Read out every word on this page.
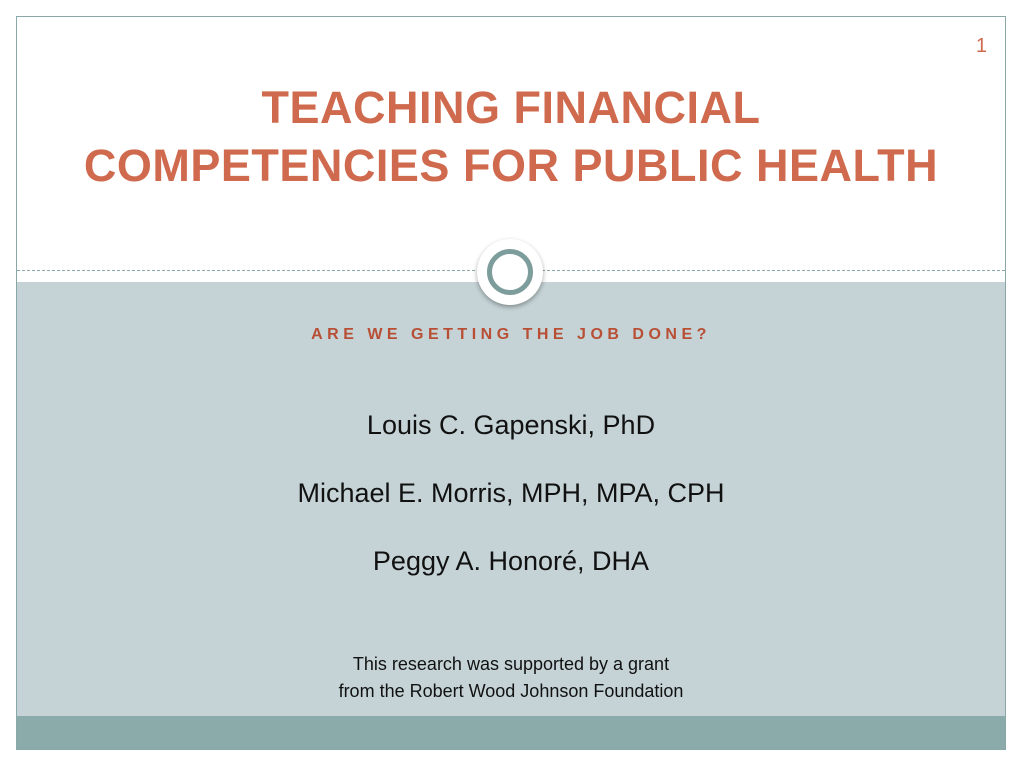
1
TEACHING FINANCIAL
COMPETENCIES FOR PUBLIC HEALTH
ARE WE GETTING THE JOB DONE?
Louis C. Gapenski, PhD
Michael E. Morris, MPH, MPA, CPH
Peggy A. Honoré, DHA
This research was supported by a grant
from the Robert Wood Johnson Foundation
